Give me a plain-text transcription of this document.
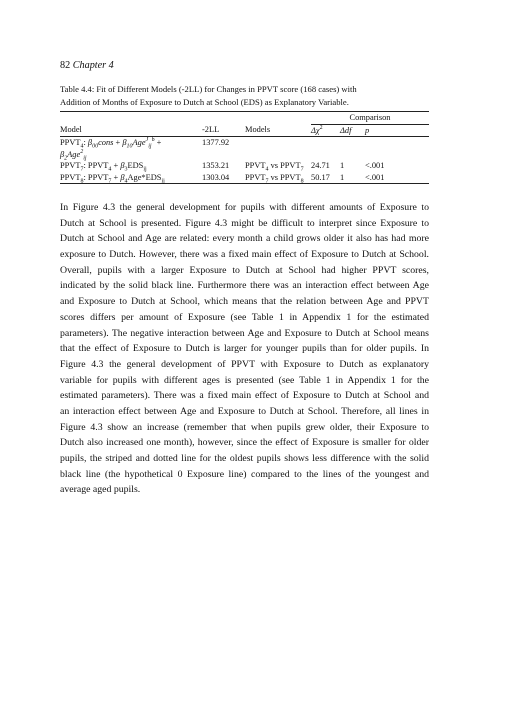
82 Chapter 4
Table 4.4: Fit of Different Models (-2LL) for Changes in PPVT score (168 cases) with
Addition of Months of Exposure to Dutch at School (EDS) as Explanatory Variable.
			Comparison		
Model	-2LL	Models	$\Delta\chi^2$	Δdf	p
$PPVT_4$: $\beta_{00}cons + \beta_{10}Age^J_{ij}^b$ +
$\beta_2Age^2_{ij}$	1377.92				
$PPVT_7$: $PPVT_4 + \beta_3EDS_{ij}$	1353.21	$PPVT_4$ vs $PPVT_7$	24.71	1	<.001
$PPVT_8$: $PPVT_7 + \beta_4Age*EDS_{ij}$	1303.04	$PPVT_7$ vs $PPVT_8$	50.17	1	<.001
In Figure 4.3 the general development for pupils with different amounts of Exposure to
Dutch at School is presented. Figure 4.3 might be difficult to interpret since Exposure to
Dutch at School and Age are related: every month a child grows older it also has had more
exposure to Dutch. However, there was a fixed main effect of Exposure to Dutch at School.
Overall, pupils with a larger Exposure to Dutch at School had higher PPVT scores,
indicated by the solid black line. Furthermore there was an interaction effect between Age
and Exposure to Dutch at School, which means that the relation between Age and PPVT
scores differs per amount of Exposure (see Table 1 in Appendix 1 for the estimated
parameters). The negative interaction between Age and Exposure to Dutch at School means
that the effect of Exposure to Dutch is larger for younger pupils than for older pupils. In
Figure 4.3 the general development of PPVT with Exposure to Dutch as explanatory
variable for pupils with different ages is presented (see Table 1 in Appendix 1 for the
estimated parameters). There was a fixed main effect of Exposure to Dutch at School and
an interaction effect between Age and Exposure to Dutch at School. Therefore, all lines in
Figure 4.3 show an increase (remember that when pupils grew older, their Exposure to
Dutch also increased one month), however, since the effect of Exposure is smaller for older
pupils, the striped and dotted line for the oldest pupils shows less difference with the solid
black line (the hypothetical 0 Exposure line) compared to the lines of the youngest and
average aged pupils.
